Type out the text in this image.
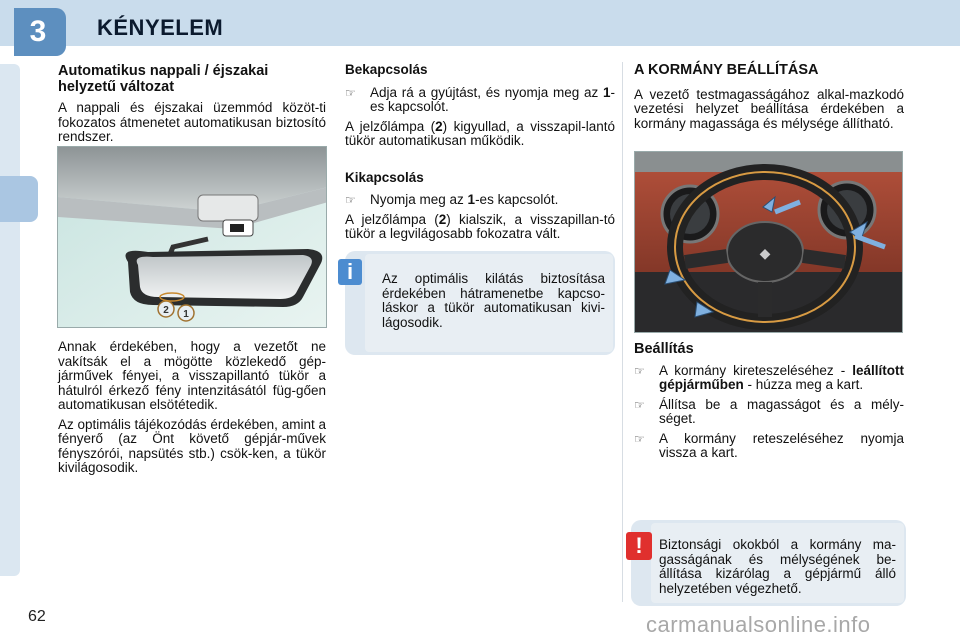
3	KÉNYELEM
Automatikus nappali / éjszakai helyzetű változat

A nappali és éjszakai üzemmód közöt-ti fokozatos átmenetet automatikusan biztosító rendszer.

2 1

Annak érdekében, hogy a vezetőt ne vakítsák el a mögötte közlekedő gép-járművek fényei, a visszapillantó tükör a hátulról érkező fény intenzitásától füg-gően automatikusan elsötétedik.

Az optimális tájékozódás érdekében, amint a fényerő (az Önt követő gépjár-művek fényszórói, napsütés stb.) csök-ken, a tükör kivilágosodik.

Bekapcsolás
☞ Adja rá a gyújtást, és nyomja meg az 1-es kapcsolót.

A jelzőlámpa (2) kigyullad, a visszapil-lantó tükör automatikusan működik.

Kikapcsolás
☞ Nyomja meg az 1-es kapcsolót.

A jelzőlámpa (2) kialszik, a visszapillan-tó tükör a legvilágosabb fokozatra vált.

Az optimális kilátás biztosítása érdekében hátramenetbe kapcso-láskor a tükör automatikusan kivi-lágosodik.
i
A KORMÁNY BEÁLLÍTÁSA

A vezető testmagasságához alkal-mazkodó vezetési helyzet beállítása érdekében a kormány magassága és mélysége állítható.

◆
Beállítás
☞ A kormány kireteszeléséhez - leállított gépjárműben - húzza meg a kart.
☞ Állítsa be a magasságot és a mély-séget.
☞ A kormány reteszeléséhez nyomja vissza a kart.
Biztonsági okokból a kormány ma-gasságának és mélységének be-állítása kizárólag a gépjármű álló helyzetében végezhető.
!
62	carmanualsonline.info
